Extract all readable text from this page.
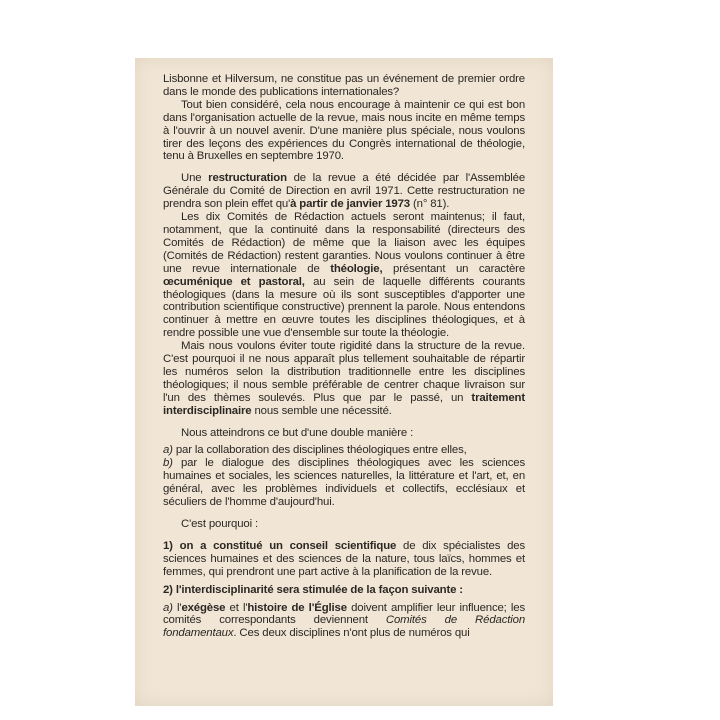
Lisbonne et Hilversum, ne constitue pas un événement de premier ordre dans le monde des publications internationales?

Tout bien considéré, cela nous encourage à maintenir ce qui est bon dans l'organisation actuelle de la revue, mais nous incite en même temps à l'ouvrir à un nouvel avenir. D'une manière plus spéciale, nous voulons tirer des leçons des expériences du Congrès international de théologie, tenu à Bruxelles en septembre 1970.

Une restructuration de la revue a été décidée par l'Assemblée Générale du Comité de Direction en avril 1971. Cette restructuration ne prendra son plein effet qu'à partir de janvier 1973 (n° 81).

Les dix Comités de Rédaction actuels seront maintenus; il faut, notamment, que la continuité dans la responsabilité (directeurs des Comités de Rédaction) de même que la liaison avec les équipes (Comités de Rédaction) restent garanties. Nous voulons continuer à être une revue internationale de théologie, présentant un caractère œcuménique et pastoral, au sein de laquelle différents courants théologiques (dans la mesure où ils sont susceptibles d'apporter une contribution scientifique constructive) prennent la parole. Nous entendons continuer à mettre en œuvre toutes les disciplines théologiques, et à rendre possible une vue d'ensemble sur toute la théologie.

Mais nous voulons éviter toute rigidité dans la structure de la revue. C'est pourquoi il ne nous apparaît plus tellement souhaitable de répartir les numéros selon la distribution traditionnelle entre les disciplines théologiques; il nous semble préférable de centrer chaque livraison sur l'un des thèmes soulevés. Plus que par le passé, un traitement interdisciplinaire nous semble une nécessité.

Nous atteindrons ce but d'une double manière :

a) par la collaboration des disciplines théologiques entre elles,

b) par le dialogue des disciplines théologiques avec les sciences humaines et sociales, les sciences naturelles, la littérature et l'art, et, en général, avec les problèmes individuels et collectifs, ecclésiaux et séculiers de l'homme d'aujourd'hui.

C'est pourquoi :

1) on a constitué un conseil scientifique de dix spécialistes des sciences humaines et des sciences de la nature, tous laïcs, hommes et femmes, qui prendront une part active à la planification de la revue.

2) l'interdisciplinarité sera stimulée de la façon suivante :

a) l'exégèse et l'histoire de l'Église doivent amplifier leur influence; les comités correspondants deviennent Comités de Rédaction fondamentaux. Ces deux disciplines n'ont plus de numéros qui
